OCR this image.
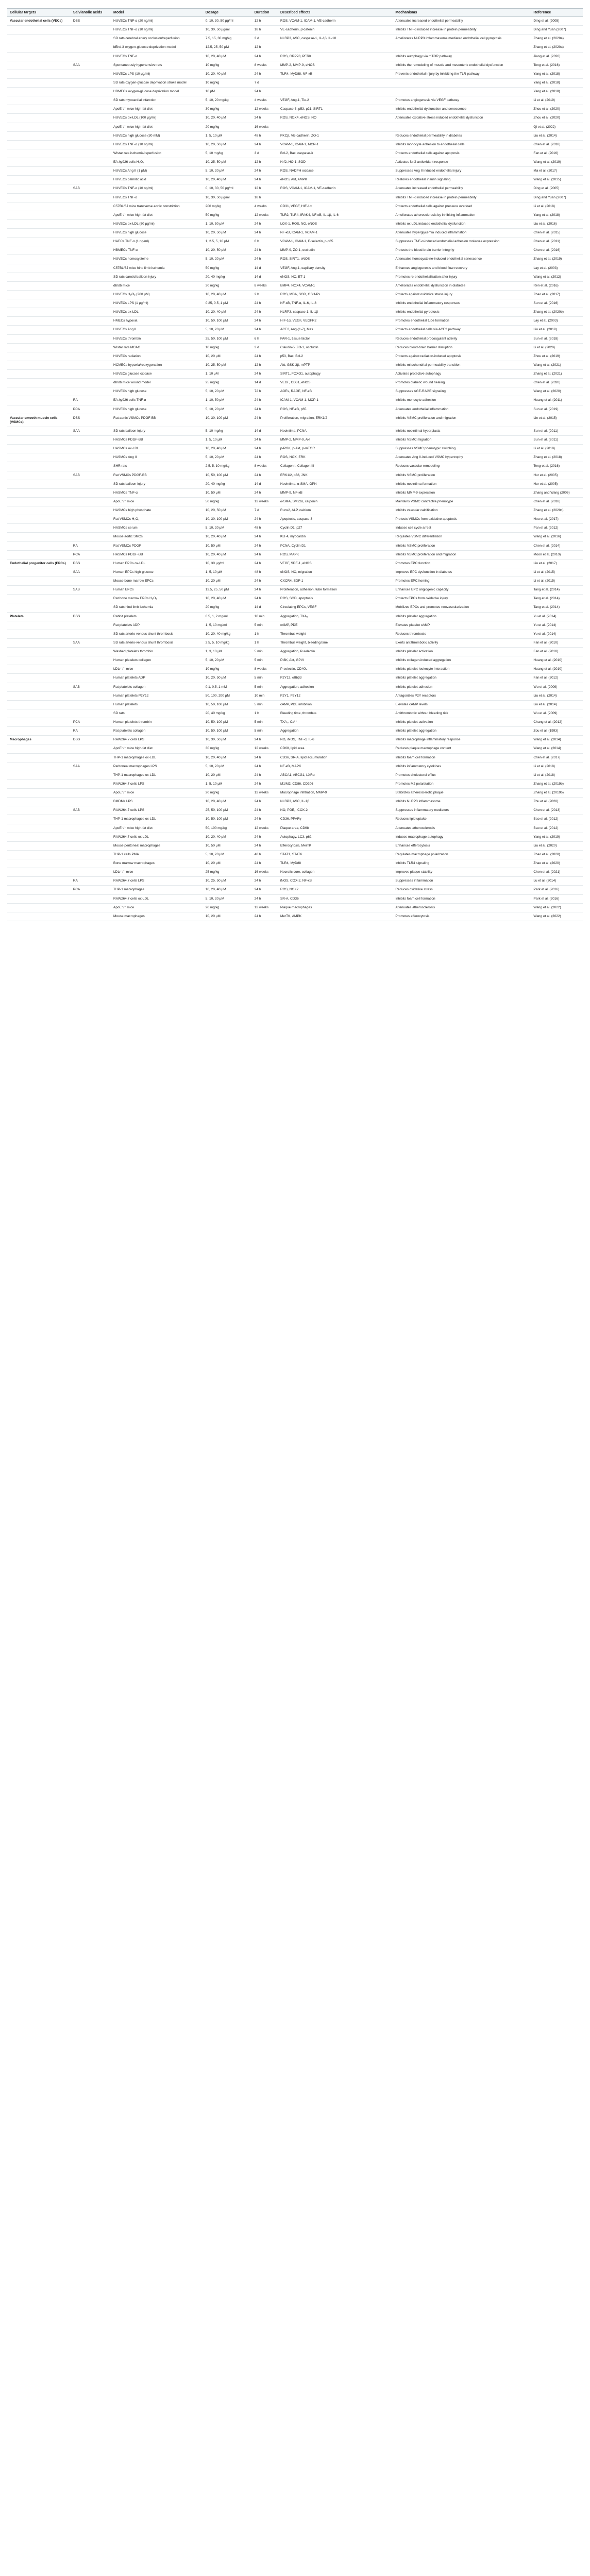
Cellular targets	Salvianolic acids	Model	Dosage	Duration	Described effects	Mechanisms	Reference
Vascular endothelial cells (VECs)	DSS	HUVECs TNF-α (20 ng/ml)	0, 10, 30, 50 μg/ml	12 h	ROS, VCAM-1, ICAM-1, VE-cadherin	Attenuates increased endothelial permeability	Ding et al. (2005)
		HUVECs TNF-α (10 ng/ml)	10, 30, 50 μg/ml	18 h	VE-cadherin, β-catenin	Inhibits TNF-α induced increase in protein permeability	Ding and Yuan (2007)
		SD rats cerebral artery occlusion/reperfusion	7.5, 15, 30 mg/kg	3 d	NLRP3, ASC, caspase-1, IL-1β, IL-18	Ameliorates NLRP3 inflammasome mediated endothelial cell pyroptosis	Zhang et al. (2020a)
		bEnd.3 oxygen-glucose deprivation model	12.5, 25, 50 μM	12 h			Zhang et al. (2020a)
		HUVECs TNF-α	10, 20, 40 μM	24 h	ROS, GRP78, PERK	Inhibits autophagy via mTOR pathway	Jiang et al. (2020)
	SAA	Spontaneously hypertensive rats	10 mg/kg	8 weeks	MMP-2, MMP-9, eNOS	Inhibits the remodeling of muscle and mesenteric endothelial dysfunction	Teng et al. (2016)
		HUVECs LPS (10 μg/ml)	10, 20, 40 μM	24 h	TLR4, MyD88, NF-κB	Prevents endothelial injury by inhibiting the TLR pathway	Yang et al. (2018)
		SD rats oxygen-glucose deprivation stroke model	10 mg/kg	7 d			Yang et al. (2018)
		HBMECs oxygen-glucose deprivation model	10 μM	24 h			Yang et al. (2018)
		SD rats myocardial infarction	5, 10, 20 mg/kg	4 weeks	VEGF, Ang-1, Tie-2	Promotes angiogenesis via VEGF pathway	Li et al. (2019)
		ApoE⁻/⁻ mice high-fat diet	30 mg/kg	12 weeks	Caspase-3, p53, p21, SIRT1	Inhibits endothelial dysfunction and senescence	Zhou et al. (2020)
		HUVECs ox-LDL (100 μg/ml)	10, 20, 40 μM	24 h	ROS, NOX4, eNOS, NO	Attenuates oxidative stress induced endothelial dysfunction	Zhou et al. (2020)
		ApoE⁻/⁻ mice high-fat diet	20 mg/kg	16 weeks			Qi et al. (2022)
		HUVECs high glucose (30 mM)	1, 5, 10 μM	48 h	PKCβ, VE-cadherin, ZO-1	Reduces endothelial permeability in diabetes	Liu et al. (2014)
		HUVECs TNF-α (10 ng/ml)	10, 20, 50 μM	24 h	VCAM-1, ICAM-1, MCP-1	Inhibits monocyte adhesion to endothelial cells	Chen et al. (2018)
		Wistar rats ischemia/reperfusion	5, 10 mg/kg	3 d	Bcl-2, Bax, caspase-3	Protects endothelial cells against apoptosis	Fan et al. (2016)
		EA.hy926 cells H₂O₂	10, 25, 50 μM	12 h	Nrf2, HO-1, SOD	Activates Nrf2 antioxidant response	Wang et al. (2019)
		HUVECs Ang II (1 μM)	5, 10, 20 μM	24 h	ROS, NADPH oxidase	Suppresses Ang II induced endothelial injury	Ma et al. (2017)
		HUVECs palmitic acid	10, 20, 40 μM	24 h	eNOS, Akt, AMPK	Restores endothelial insulin signaling	Wang et al. (2015)
	SAB	HUVECs TNF-α (10 ng/ml)	0, 10, 30, 50 μg/ml	12 h	ROS, VCAM-1, ICAM-1, VE-cadherin	Attenuates increased endothelial permeability	Ding et al. (2005)
		HUVECs TNF-α	10, 30, 50 μg/ml	18 h		Inhibits TNF-α induced increase in protein permeability	Ding and Yuan (2007)
		C57BL/6J mice transverse aortic constriction	200 mg/kg	4 weeks	CD31, VEGF, HIF-1α	Protects endothelial cells against pressure overload	Li et al. (2018)
		ApoE⁻/⁻ mice high-fat diet	50 mg/kg	12 weeks	TLR2, TLR4, IRAK4, NF-κB, IL-1β, IL-6	Ameliorates atherosclerosis by inhibiting inflammation	Yang et al. (2018)
		HUVECs ox-LDL (50 μg/ml)	1, 10, 50 μM	24 h	LOX-1, ROS, NO, eNOS	Inhibits ox-LDL induced endothelial dysfunction	Liu et al. (2016)
		HUVECs high glucose	10, 20, 50 μM	24 h	NF-κB, ICAM-1, VCAM-1	Attenuates hyperglycemia induced inflammation	Chen et al. (2015)
		HAECs TNF-α (1 ng/ml)	1, 2.5, 5, 10 μM	6 h	VCAM-1, ICAM-1, E-selectin, p-p65	Suppresses TNF-α-induced endothelial adhesion molecule expression	Chen et al. (2011)
		HBMECs TNF-α	10, 20, 50 μM	24 h	MMP-9, ZO-1, occludin	Protects the blood-brain barrier integrity	Chen et al. (2016)
		HUVECs homocysteine	5, 10, 20 μM	24 h	ROS, SIRT1, eNOS	Attenuates homocysteine-induced endothelial senescence	Zhang et al. (2019)
		C57BL/6J mice hind limb ischemia	50 mg/kg	14 d	VEGF, Ang-1, capillary density	Enhances angiogenesis and blood flow recovery	Lay et al. (2003)
		SD rats carotid balloon injury	20, 40 mg/kg	14 d	eNOS, NO, ET-1	Promotes re-endothelialization after injury	Wang et al. (2012)
		db/db mice	30 mg/kg	8 weeks	BMP4, NOX4, VCAM-1	Ameliorates endothelial dysfunction in diabetes	Ren et al. (2016)
		HUVECs H₂O₂ (200 μM)	10, 20, 40 μM	2 h	ROS, MDA, SOD, GSH-Px	Protects against oxidative stress injury	Zhao et al. (2017)
		HUVECs LPS (1 μg/ml)	0.25, 0.5, 1 μM	24 h	NF-κB, TNF-α, IL-6, IL-8	Inhibits endothelial inflammatory responses	Sun et al. (2016)
		HUVECs ox-LDL	10, 20, 40 μM	24 h	NLRP3, caspase-1, IL-1β	Inhibits endothelial pyroptosis	Zhang et al. (2020b)
		HMECs hypoxia	10, 50, 100 μM	24 h	HIF-1α, VEGF, VEGFR2	Promotes endothelial tube formation	Lay et al. (2003)
		HUVECs Ang II	5, 10, 20 μM	24 h	ACE2, Ang-(1-7), Mas	Protects endothelial cells via ACE2 pathway	Liu et al. (2019)
		HUVECs thrombin	25, 50, 100 μM	6 h	PAR-1, tissue factor	Reduces endothelial procoagulant activity	Sun et al. (2018)
		Wistar rats MCAO	10 mg/kg	3 d	Claudin-5, ZO-1, occludin	Reduces blood-brain barrier disruption	Li et al. (2020)
		HUVECs radiation	10, 20 μM	24 h	p53, Bax, Bcl-2	Protects against radiation-induced apoptosis	Zhou et al. (2019)
		HCMECs hypoxia/reoxygenation	10, 25, 50 μM	12 h	Akt, GSK-3β, mPTP	Inhibits mitochondrial permeability transition	Wang et al. (2021)
		HUVECs glucose oxidase	1, 10 μM	24 h	SIRT1, FOXO1, autophagy	Activates protective autophagy	Zhang et al. (2021)
		db/db mice wound model	25 mg/kg	14 d	VEGF, CD31, eNOS	Promotes diabetic wound healing	Chen et al. (2020)
		HUVECs high glucose	5, 10, 20 μM	72 h	AGEs, RAGE, NF-κB	Suppresses AGE-RAGE signaling	Wang et al. (2020)
	RA	EA.hy926 cells TNF-α	1, 10, 50 μM	24 h	ICAM-1, VCAM-1, MCP-1	Inhibits monocyte adhesion	Huang et al. (2011)
	PCA	HUVECs high glucose	5, 10, 20 μM	24 h	ROS, NF-κB, p65	Attenuates endothelial inflammation	Sun et al. (2019)
Vascular smooth muscle cells (VSMCs)	DSS	Rat aortic VSMCs PDGF-BB	10, 30, 100 μM	24 h	Proliferation, migration, ERK1/2	Inhibits VSMC proliferation and migration	Lin et al. (2015)
	SAA	SD rats balloon injury	5, 10 mg/kg	14 d	Neointima, PCNA	Inhibits neointimal hyperplasia	Sun et al. (2011)
		HASMCs PDGF-BB	1, 5, 10 μM	24 h	MMP-2, MMP-9, Akt	Inhibits VSMC migration	Sun et al. (2011)
		HASMCs ox-LDL	10, 20, 40 μM	24 h	p-PI3K, p-Akt, p-mTOR	Suppresses VSMC phenotypic switching	Li et al. (2019)
		HASMCs Ang II	5, 10, 20 μM	24 h	ROS, NOX, ERK	Attenuates Ang II-induced VSMC hypertrophy	Zhang et al. (2018)
		SHR rats	2.5, 5, 10 mg/kg	8 weeks	Collagen I, Collagen III	Reduces vascular remodeling	Teng et al. (2016)
	SAB	Rat VSMCs PDGF-BB	10, 50, 100 μM	24 h	ERK1/2, p38, JNK	Inhibits VSMC proliferation	Hur et al. (2005)
		SD rats balloon injury	20, 40 mg/kg	14 d	Neointima, α-SMA, OPN	Inhibits neointima formation	Hur et al. (2005)
		HASMCs TNF-α	10, 50 μM	24 h	MMP-9, NF-κB	Inhibits MMP-9 expression	Zhang and Wang (2006)
		ApoE⁻/⁻ mice	50 mg/kg	12 weeks	α-SMA, SM22α, calponin	Maintains VSMC contractile phenotype	Chen et al. (2018)
		HASMCs high phosphate	10, 20, 50 μM	7 d	Runx2, ALP, calcium	Inhibits vascular calcification	Zhang et al. (2020c)
		Rat VSMCs H₂O₂	10, 30, 100 μM	24 h	Apoptosis, caspase-3	Protects VSMCs from oxidative apoptosis	Hou et al. (2017)
		HASMCs serum	5, 10, 20 μM	48 h	Cyclin D1, p27	Induces cell cycle arrest	Pan et al. (2012)
		Mouse aortic SMCs	10, 20, 40 μM	24 h	KLF4, myocardin	Regulates VSMC differentiation	Wang et al. (2016)
	RA	Rat VSMCs PDGF	10, 50 μM	24 h	PCNA, Cyclin D1	Inhibits VSMC proliferation	Chen et al. (2014)
	PCA	HASMCs PDGF-BB	10, 20, 40 μM	24 h	ROS, MAPK	Inhibits VSMC proliferation and migration	Moon et al. (2010)
Endothelial progenitor cells (EPCs)	DSS	Human EPCs ox-LDL	10, 30 μg/ml	24 h	VEGF, SDF-1, eNOS	Promotes EPC function	Liu et al. (2017)
	SAA	Human EPCs high glucose	1, 5, 10 μM	48 h	eNOS, NO, migration	Improves EPC dysfunction in diabetes	Li et al. (2015)
		Mouse bone marrow EPCs	10, 20 μM	24 h	CXCR4, SDF-1	Promotes EPC homing	Li et al. (2015)
	SAB	Human EPCs	12.5, 25, 50 μM	24 h	Proliferation, adhesion, tube formation	Enhances EPC angiogenic capacity	Tang et al. (2014)
		Rat bone marrow EPCs H₂O₂	10, 20, 40 μM	24 h	ROS, SOD, apoptosis	Protects EPCs from oxidative injury	Tang et al. (2014)
		SD rats hind limb ischemia	20 mg/kg	14 d	Circulating EPCs, VEGF	Mobilizes EPCs and promotes neovascularization	Tang et al. (2014)
Platelets	DSS	Rabbit platelets	0.5, 1, 2 mg/ml	10 min	Aggregation, TXA₂	Inhibits platelet aggregation	Yu et al. (2014)
		Rat platelets ADP	1, 5, 10 mg/ml	5 min	cAMP, PDE	Elevates platelet cAMP	Yu et al. (2014)
		SD rats arterio-venous shunt thrombosis	10, 20, 40 mg/kg	1 h	Thrombus weight	Reduces thrombosis	Yu et al. (2014)
	SAA	SD rats arterio-venous shunt thrombosis	2.5, 5, 10 mg/kg	1 h	Thrombus weight, bleeding time	Exerts antithrombotic activity	Fan et al. (2010)
		Washed platelets thrombin	1, 3, 10 μM	5 min	Aggregation, P-selectin	Inhibits platelet activation	Fan et al. (2010)
		Human platelets collagen	5, 10, 20 μM	5 min	PI3K, Akt, GPVI	Inhibits collagen-induced aggregation	Huang et al. (2010)
		LDLr⁻/⁻ mice	10 mg/kg	8 weeks	P-selectin, CD40L	Inhibits platelet-leukocyte interaction	Huang et al. (2010)
		Human platelets ADP	10, 20, 50 μM	5 min	P2Y12, αIIbβ3	Inhibits platelet aggregation	Fan et al. (2012)
	SAB	Rat platelets collagen	0.1, 0.5, 1 mM	5 min	Aggregation, adhesion	Inhibits platelet adhesion	Wu et al. (2009)
		Human platelets P2Y12	50, 100, 200 μM	10 min	P2Y1, P2Y12	Antagonizes P2Y receptors	Liu et al. (2014)
		Human platelets	10, 50, 100 μM	5 min	cAMP, PDE inhibition	Elevates cAMP levels	Liu et al. (2014)
		SD rats	20, 40 mg/kg	1 h	Bleeding time, thrombus	Antithrombotic without bleeding risk	Wu et al. (2009)
	PCA	Human platelets thrombin	10, 50, 100 μM	5 min	TXA₂, Ca²⁺	Inhibits platelet activation	Chang et al. (2012)
	RA	Rat platelets collagen	10, 50, 100 μM	5 min	Aggregation	Inhibits platelet aggregation	Zou et al. (1993)
Macrophages	DSS	RAW264.7 cells LPS	10, 30, 50 μM	24 h	NO, iNOS, TNF-α, IL-6	Inhibits macrophage inflammatory response	Wang et al. (2014)
		ApoE⁻/⁻ mice high-fat diet	30 mg/kg	12 weeks	CD68, lipid area	Reduces plaque macrophage content	Wang et al. (2014)
		THP-1 macrophages ox-LDL	10, 20, 40 μM	24 h	CD36, SR-A, lipid accumulation	Inhibits foam cell formation	Chen et al. (2017)
	SAA	Peritoneal macrophages LPS	5, 10, 20 μM	24 h	NF-κB, MAPK	Inhibits inflammatory cytokines	Li et al. (2018)
		THP-1 macrophages ox-LDL	10, 20 μM	24 h	ABCA1, ABCG1, LXRα	Promotes cholesterol efflux	Li et al. (2018)
		RAW264.7 cells LPS	1, 5, 10 μM	24 h	M1/M2, CD86, CD206	Promotes M2 polarization	Zhang et al. (2019b)
		ApoE⁻/⁻ mice	20 mg/kg	12 weeks	Macrophage infiltration, MMP-9	Stabilizes atherosclerotic plaque	Zhang et al. (2019b)
		BMDMs LPS	10, 20, 40 μM	24 h	NLRP3, ASC, IL-1β	Inhibits NLRP3 inflammasome	Zhu et al. (2020)
	SAB	RAW264.7 cells LPS	25, 50, 100 μM	24 h	NO, PGE₂, COX-2	Suppresses inflammatory mediators	Chen et al. (2013)
		THP-1 macrophages ox-LDL	10, 50, 100 μM	24 h	CD36, PPARγ	Reduces lipid uptake	Bao et al. (2012)
		ApoE⁻/⁻ mice high-fat diet	50, 100 mg/kg	12 weeks	Plaque area, CD68	Attenuates atherosclerosis	Bao et al. (2012)
		RAW264.7 cells ox-LDL	10, 20, 40 μM	24 h	Autophagy, LC3, p62	Induces macrophage autophagy	Yang et al. (2019)
		Mouse peritoneal macrophages	10, 50 μM	24 h	Efferocytosis, MerTK	Enhances efferocytosis	Liu et al. (2020)
		THP-1 cells PMA	5, 10, 20 μM	48 h	STAT1, STAT6	Regulates macrophage polarization	Zhao et al. (2020)
		Bone marrow macrophages	10, 20 μM	24 h	TLR4, MyD88	Inhibits TLR4 signaling	Zhao et al. (2020)
		LDLr⁻/⁻ mice	25 mg/kg	16 weeks	Necrotic core, collagen	Improves plaque stability	Chen et al. (2021)
	RA	RAW264.7 cells LPS	10, 25, 50 μM	24 h	iNOS, COX-2, NF-κB	Suppresses inflammation	Lu et al. (2014)
	PCA	THP-1 macrophages	10, 20, 40 μM	24 h	ROS, NOX2	Reduces oxidative stress	Park et al. (2016)
		RAW264.7 cells ox-LDL	5, 10, 20 μM	24 h	SR-A, CD36	Inhibits foam cell formation	Park et al. (2016)
		ApoE⁻/⁻ mice	20 mg/kg	12 weeks	Plaque macrophages	Attenuates atherosclerosis	Wang et al. (2022)
		Mouse macrophages	10, 20 μM	24 h	MerTK, AMPK	Promotes efferocytosis	Wang et al. (2022)
